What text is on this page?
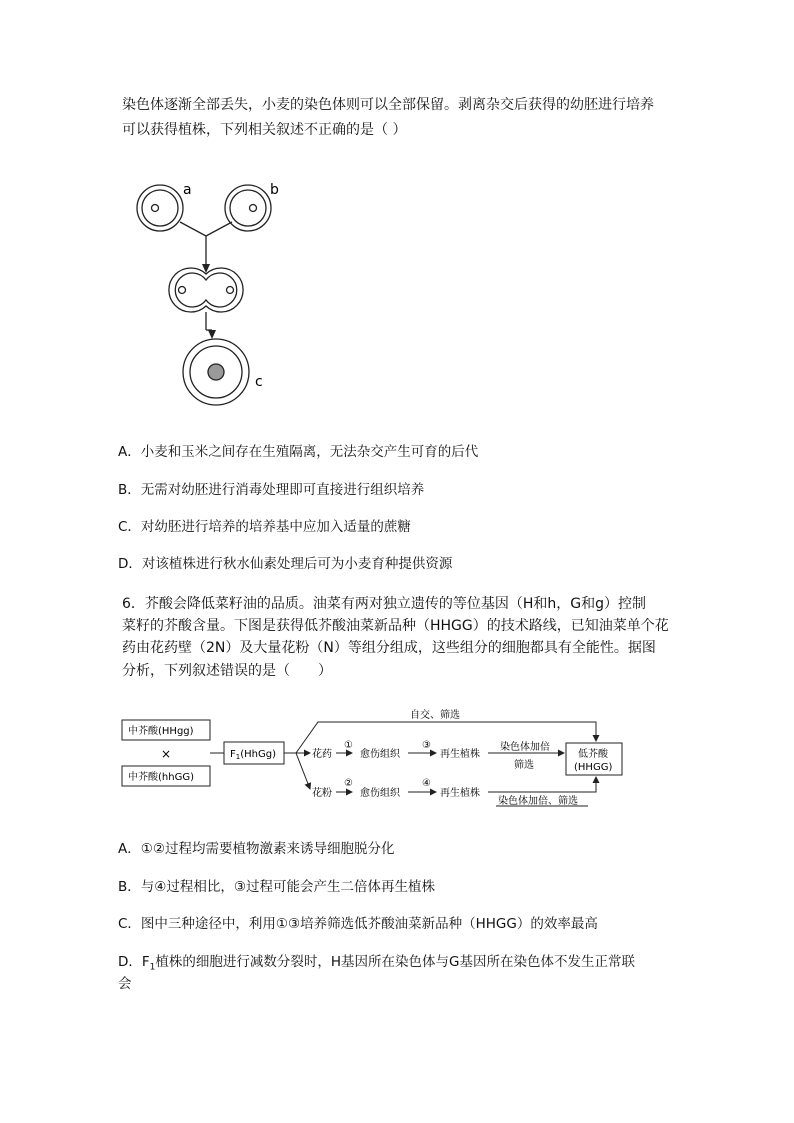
染色体逐渐全部丢失，小麦的染色体则可以全部保留。剥离杂交后获得的幼胚进行培养

可以获得植株，下列相关叙述不正确的是（ ）

a	b
c

A．小麦和玉米之间存在生殖隔离，无法杂交产生可育的后代

B．无需对幼胚进行消毒处理即可直接进行组织培养

C．对幼胚进行培养的培养基中应加入适量的蔗糖

D．对该植株进行秋水仙素处理后可为小麦育种提供资源

6．芥酸会降低菜籽油的品质。油菜有两对独立遗传的等位基因（H和h，G和g）控制

菜籽的芥酸含量。下图是获得低芥酸油菜新品种（HHGG）的技术路线，已知油菜单个花

药由花药壁（2N）及大量花粉（N）等组分组成，这些组分的细胞都具有全能性。据图

分析，下列叙述错误的是（　　）

中芥酸(HHgg)
×
中芥酸(hhGG)
$F_1(HhGg)$
自交、筛选
花药
花粉
①
②
③
④
愈伤组织
愈伤组织
再生植株
再生植株
染色体加倍
筛选
染色体加倍、筛选
低芥酸
(HHGG)

A．①②过程均需要植物激素来诱导细胞脱分化

B．与④过程相比，③过程可能会产生二倍体再生植株

C．图中三种途径中，利用①③培养筛选低芥酸油菜新品种（HHGG）的效率最高

D．$F_1$植株的细胞进行减数分裂时，H基因所在染色体与G基因所在染色体不发生正常联

会
